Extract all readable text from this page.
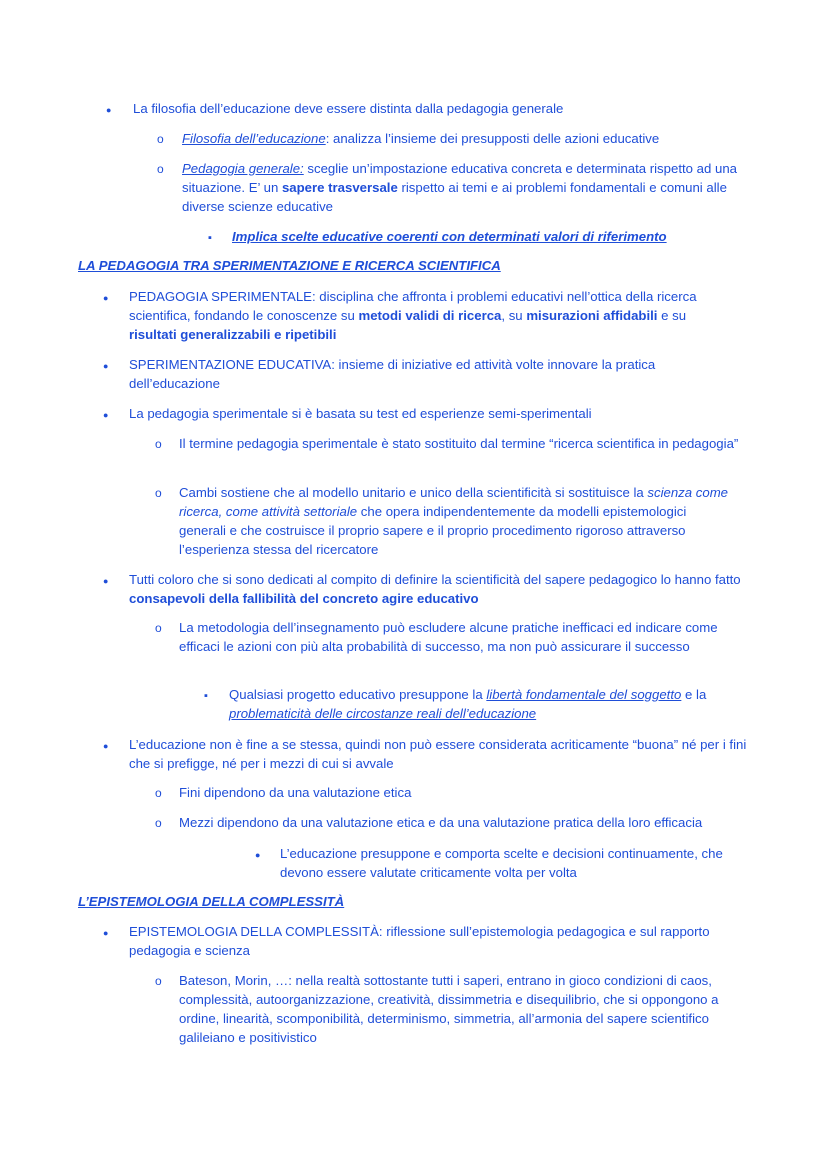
●
La filosofia dell’educazione deve essere distinta dalla pedagogia generale
o
Filosofia dell’educazione: analizza l’insieme dei presupposti delle azioni educative
o
Pedagogia generale: sceglie un’impostazione educativa concreta e determinata rispetto ad una situazione. E’ un sapere trasversale rispetto ai temi e ai problemi fondamentali e comuni alle diverse scienze educative
▪
Implica scelte educative coerenti con determinati valori di riferimento
LA PEDAGOGIA TRA SPERIMENTAZIONE E RICERCA SCIENTIFICA
●
PEDAGOGIA SPERIMENTALE: disciplina che affronta i problemi educativi nell’ottica della ricerca scientifica, fondando le conoscenze su metodi validi di ricerca, su misurazioni affidabili e su risultati generalizzabili e ripetibili
●
SPERIMENTAZIONE EDUCATIVA: insieme di iniziative ed attività volte innovare la pratica dell’educazione
●
La pedagogia sperimentale si è basata su test ed esperienze semi-sperimentali
o
Il termine pedagogia sperimentale è stato sostituito dal termine “ricerca scientifica in pedagogia”
o
Cambi sostiene che al modello unitario e unico della scientificità si sostituisce la scienza come ricerca, come attività settoriale che opera indipendentemente da modelli epistemologici generali e che costruisce il proprio sapere e il proprio procedimento rigoroso attraverso l’esperienza stessa del ricercatore
●
Tutti coloro che si sono dedicati al compito di definire la scientificità del sapere pedagogico lo hanno fatto consapevoli della fallibilità del concreto agire educativo
o
La metodologia dell’insegnamento può escludere alcune pratiche inefficaci ed indicare come efficaci le azioni con più alta probabilità di successo, ma non può assicurare il successo
▪
Qualsiasi progetto educativo presuppone la libertà fondamentale del soggetto e la problematicità delle circostanze reali dell’educazione
●
L’educazione non è fine a se stessa, quindi non può essere considerata acriticamente “buona” né per i fini che si prefigge, né per i mezzi di cui si avvale
o
Fini dipendono da una valutazione etica
o
Mezzi dipendono da una valutazione etica e da una valutazione pratica della loro efficacia
●
L’educazione presuppone e comporta scelte e decisioni continuamente, che devono essere valutate criticamente volta per volta
L’EPISTEMOLOGIA DELLA COMPLESSITÀ
●
EPISTEMOLOGIA DELLA COMPLESSITÀ: riflessione sull’epistemologia pedagogica e sul rapporto pedagogia e scienza
o
Bateson, Morin, …: nella realtà sottostante tutti i saperi, entrano in gioco condizioni di caos, complessità, autoorganizzazione, creatività, dissimmetria e disequilibrio, che si oppongono a ordine, linearità, scomponibilità, determinismo, simmetria, all’armonia del sapere scientifico galileiano e positivistico
